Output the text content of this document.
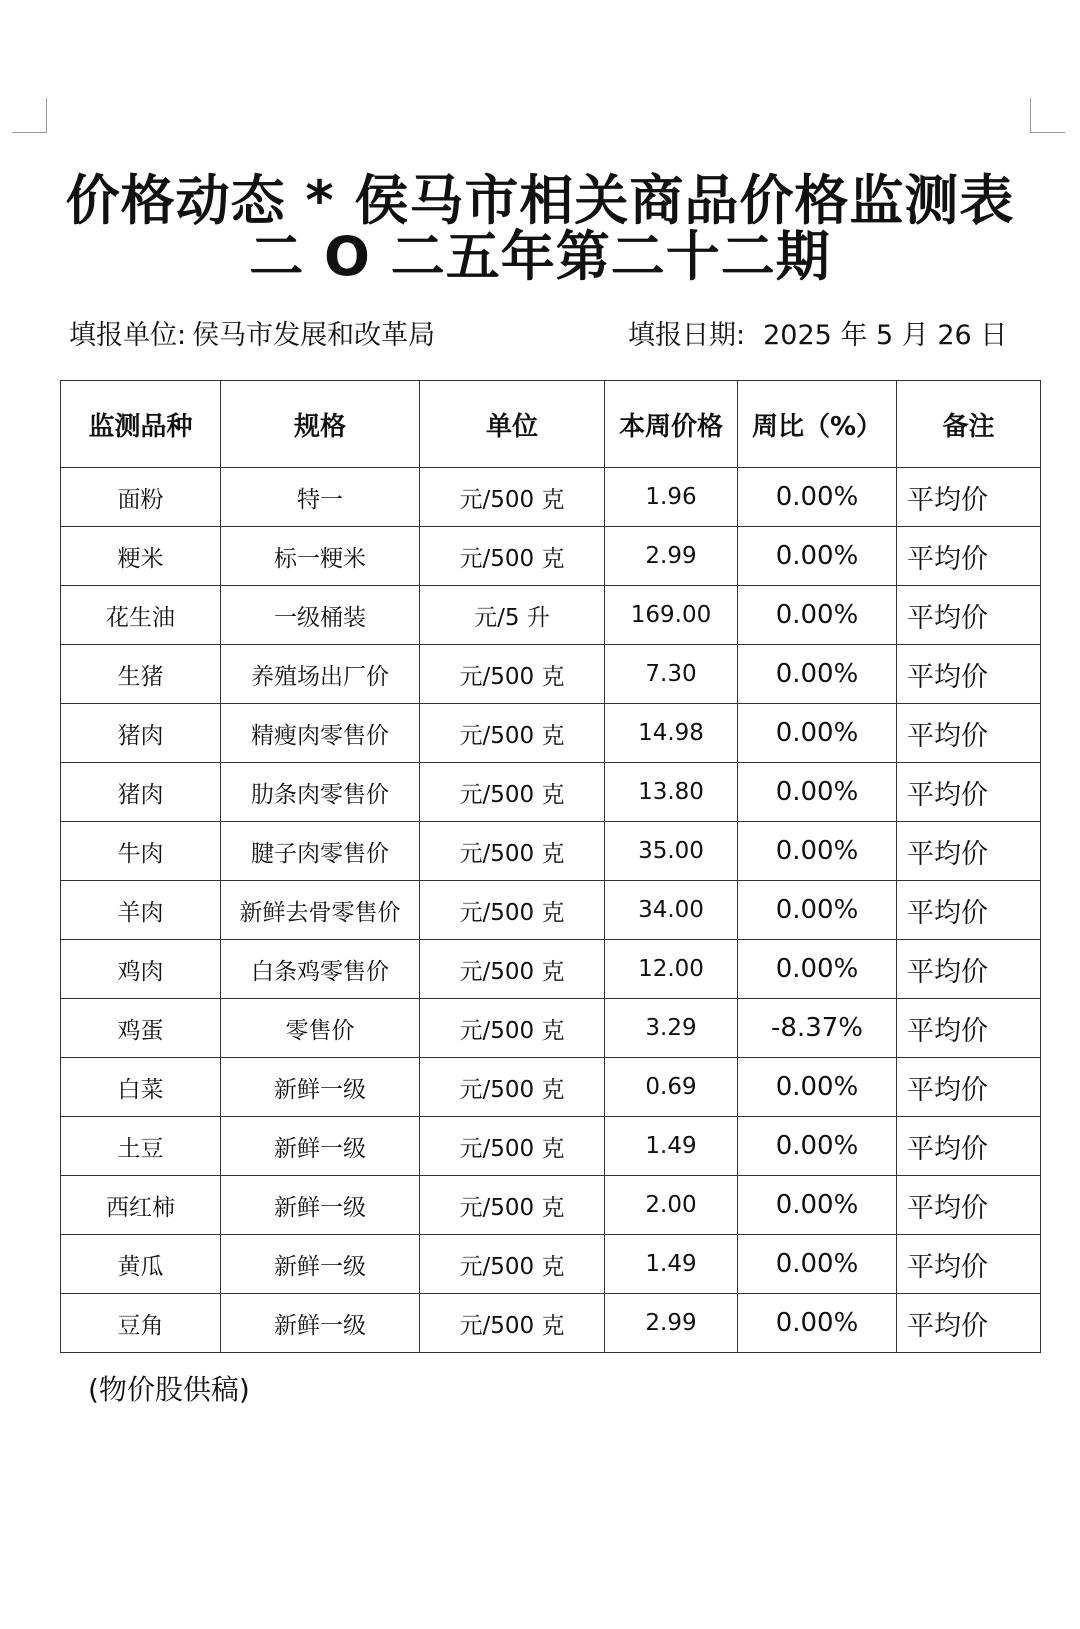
价格动态 * 侯马市相关商品价格监测表
二 O 二五年第二十二期
填报单位: 侯马市发展和改革局	填报日期: 2025 年 5 月 26 日
监测品种	规格	单位	本周价格	周比（%）	备注
面粉	特一	元/500 克	1.96	0.00%	平均价
粳米	标一粳米	元/500 克	2.99	0.00%	平均价
花生油	一级桶装	元/5 升	169.00	0.00%	平均价
生猪	养殖场出厂价	元/500 克	7.30	0.00%	平均价
猪肉	精瘦肉零售价	元/500 克	14.98	0.00%	平均价
猪肉	肋条肉零售价	元/500 克	13.80	0.00%	平均价
牛肉	腱子肉零售价	元/500 克	35.00	0.00%	平均价
羊肉	新鲜去骨零售价	元/500 克	34.00	0.00%	平均价
鸡肉	白条鸡零售价	元/500 克	12.00	0.00%	平均价
鸡蛋	零售价	元/500 克	3.29	-8.37%	平均价
白菜	新鲜一级	元/500 克	0.69	0.00%	平均价
土豆	新鲜一级	元/500 克	1.49	0.00%	平均价
西红柿	新鲜一级	元/500 克	2.00	0.00%	平均价
黄瓜	新鲜一级	元/500 克	1.49	0.00%	平均价
豆角	新鲜一级	元/500 克	2.99	0.00%	平均价
(物价股供稿)
